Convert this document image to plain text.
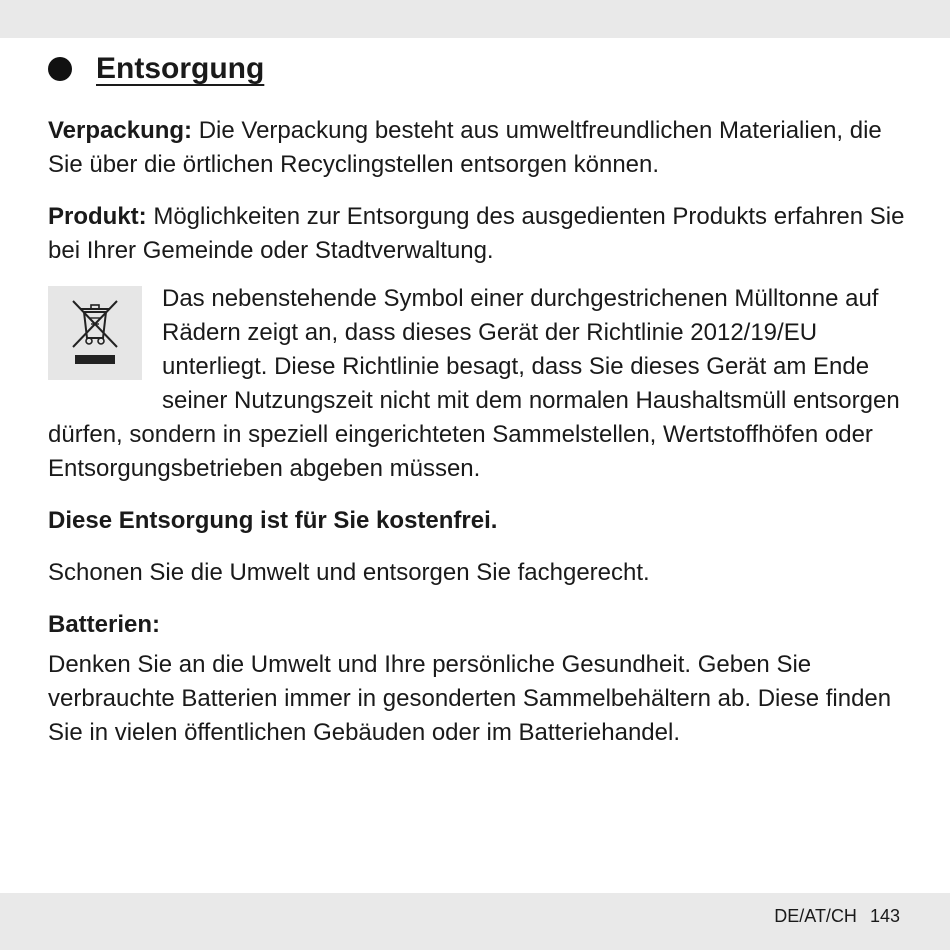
Entsorgung

Verpackung: Die Verpackung besteht aus umweltfreundlichen Materialien, die Sie über die örtlichen Recyclingstellen entsorgen können.

Produkt: Möglichkeiten zur Entsorgung des ausgedienten Produkts erfahren Sie bei Ihrer Gemeinde oder Stadtverwaltung.

Das nebenstehende Symbol einer durchgestrichenen Mülltonne auf Rädern zeigt an, dass dieses Gerät der Richtlinie 2012/19/EU unterliegt. Diese Richtlinie besagt, dass Sie dieses Gerät am Ende seiner Nutzungszeit nicht mit dem normalen Haushaltsmüll entsorgen dürfen, sondern in speziell eingerichteten Sammelstellen, Wertstoffhöfen oder Entsorgungsbetrieben abgeben müssen.

Diese Entsorgung ist für Sie kostenfrei.

Schonen Sie die Umwelt und entsorgen Sie fachgerecht.

Batterien:

Denken Sie an die Umwelt und Ihre persönliche Gesundheit. Geben Sie verbrauchte Batterien immer in gesonderten Sammelbehältern ab. Diese finden Sie in vielen öffentlichen Gebäuden oder im Batteriehandel.

DE/AT/CH 143
